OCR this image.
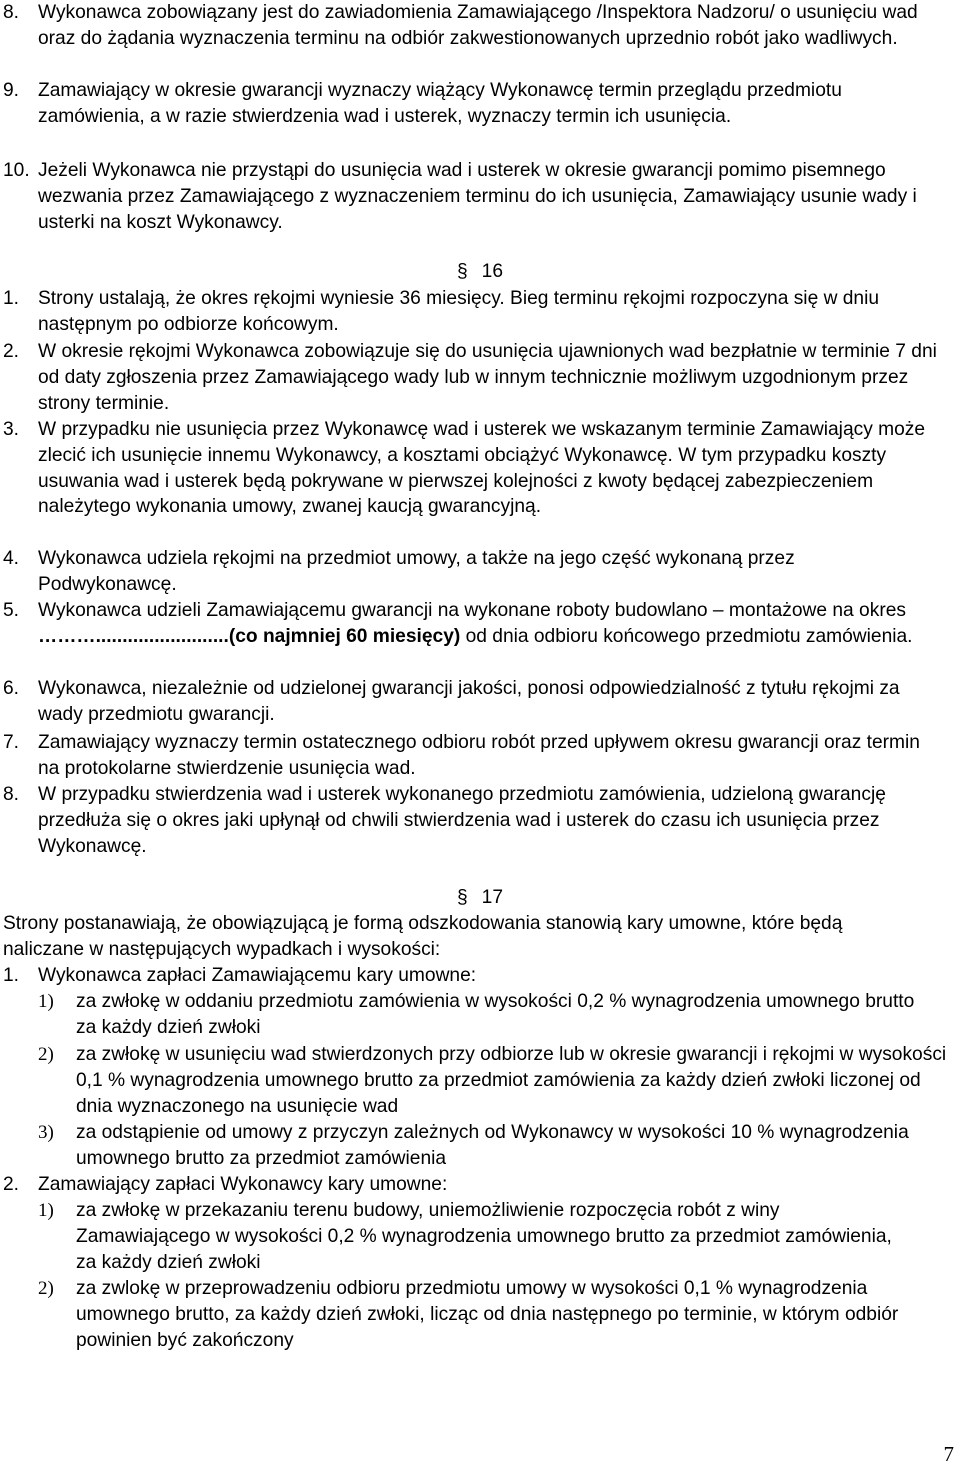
8. Wykonawca zobowiązany jest do zawiadomienia Zamawiającego /Inspektora Nadzoru/ o usunięciu wad oraz do żądania wyznaczenia terminu na odbiór zakwestionowanych uprzednio robót jako wadliwych.
9. Zamawiający w okresie gwarancji wyznaczy wiążący Wykonawcę termin przeglądu przedmiotu zamówienia, a w razie stwierdzenia wad i usterek, wyznaczy termin ich usunięcia.
10. Jeżeli Wykonawca nie przystąpi do usunięcia wad i usterek w okresie gwarancji pomimo pisemnego wezwania przez Zamawiającego z wyznaczeniem terminu do ich usunięcia, Zamawiający usunie wady i usterki na koszt Wykonawcy.
§ 16
1. Strony ustalają, że okres rękojmi wyniesie 36 miesięcy. Bieg terminu rękojmi rozpoczyna się w dniu następnym po odbiorze końcowym.
2. W okresie rękojmi Wykonawca zobowiązuje się do usunięcia ujawnionych wad bezpłatnie w terminie 7 dni od daty zgłoszenia przez Zamawiającego wady lub w innym technicznie możliwym uzgodnionym przez strony terminie.
3. W przypadku nie usunięcia przez Wykonawcę wad i usterek we wskazanym terminie Zamawiający może zlecić ich usunięcie innemu Wykonawcy, a kosztami obciążyć Wykonawcę. W tym przypadku koszty usuwania wad i usterek będą pokrywane w pierwszej kolejności z kwoty będącej zabezpieczeniem należytego wykonania umowy, zwanej kaucją gwarancyjną.
4. Wykonawca udziela rękojmi na przedmiot umowy, a także na jego część wykonaną przez Podwykonawcę.
5. Wykonawca udzieli Zamawiającemu gwarancji na wykonane roboty budowlano – montażowe na okres ……….........................(co najmniej 60 miesięcy) od dnia odbioru końcowego przedmiotu zamówienia.
6. Wykonawca, niezależnie od udzielonej gwarancji jakości, ponosi odpowiedzialność z tytułu rękojmi za wady przedmiotu gwarancji.
7. Zamawiający wyznaczy termin ostatecznego odbioru robót przed upływem okresu gwarancji oraz termin na protokolarne stwierdzenie usunięcia wad.
8. W przypadku stwierdzenia wad i usterek wykonanego przedmiotu zamówienia, udzieloną gwarancję przedłuża się o okres jaki upłynął od chwili stwierdzenia wad i usterek do czasu ich usunięcia przez Wykonawcę.
§ 17
Strony postanawiają, że obowiązującą je formą odszkodowania stanowią kary umowne, które będą naliczane w następujących wypadkach i wysokości:
1. Wykonawca zapłaci Zamawiającemu kary umowne:
1) za zwłokę w oddaniu przedmiotu zamówienia w wysokości 0,2 % wynagrodzenia umownego brutto za każdy dzień zwłoki
2) za zwłokę w usunięciu wad stwierdzonych przy odbiorze lub w okresie gwarancji i rękojmi w wysokości 0,1 % wynagrodzenia umownego brutto za przedmiot zamówienia za każdy dzień zwłoki liczonej od dnia wyznaczonego na usunięcie wad
3) za odstąpienie od umowy z przyczyn zależnych od Wykonawcy w wysokości 10 % wynagrodzenia umownego brutto za przedmiot zamówienia
2. Zamawiający zapłaci Wykonawcy kary umowne:
1) za zwłokę w przekazaniu terenu budowy, uniemożliwienie rozpoczęcia robót z winy Zamawiającego w wysokości 0,2 % wynagrodzenia umownego brutto za przedmiot zamówienia, za każdy dzień zwłoki
2) za zwlokę w przeprowadzeniu odbioru przedmiotu umowy w wysokości 0,1 % wynagrodzenia umownego brutto, za każdy dzień zwłoki, licząc od dnia następnego po terminie, w którym odbiór powinien być zakończony
7
